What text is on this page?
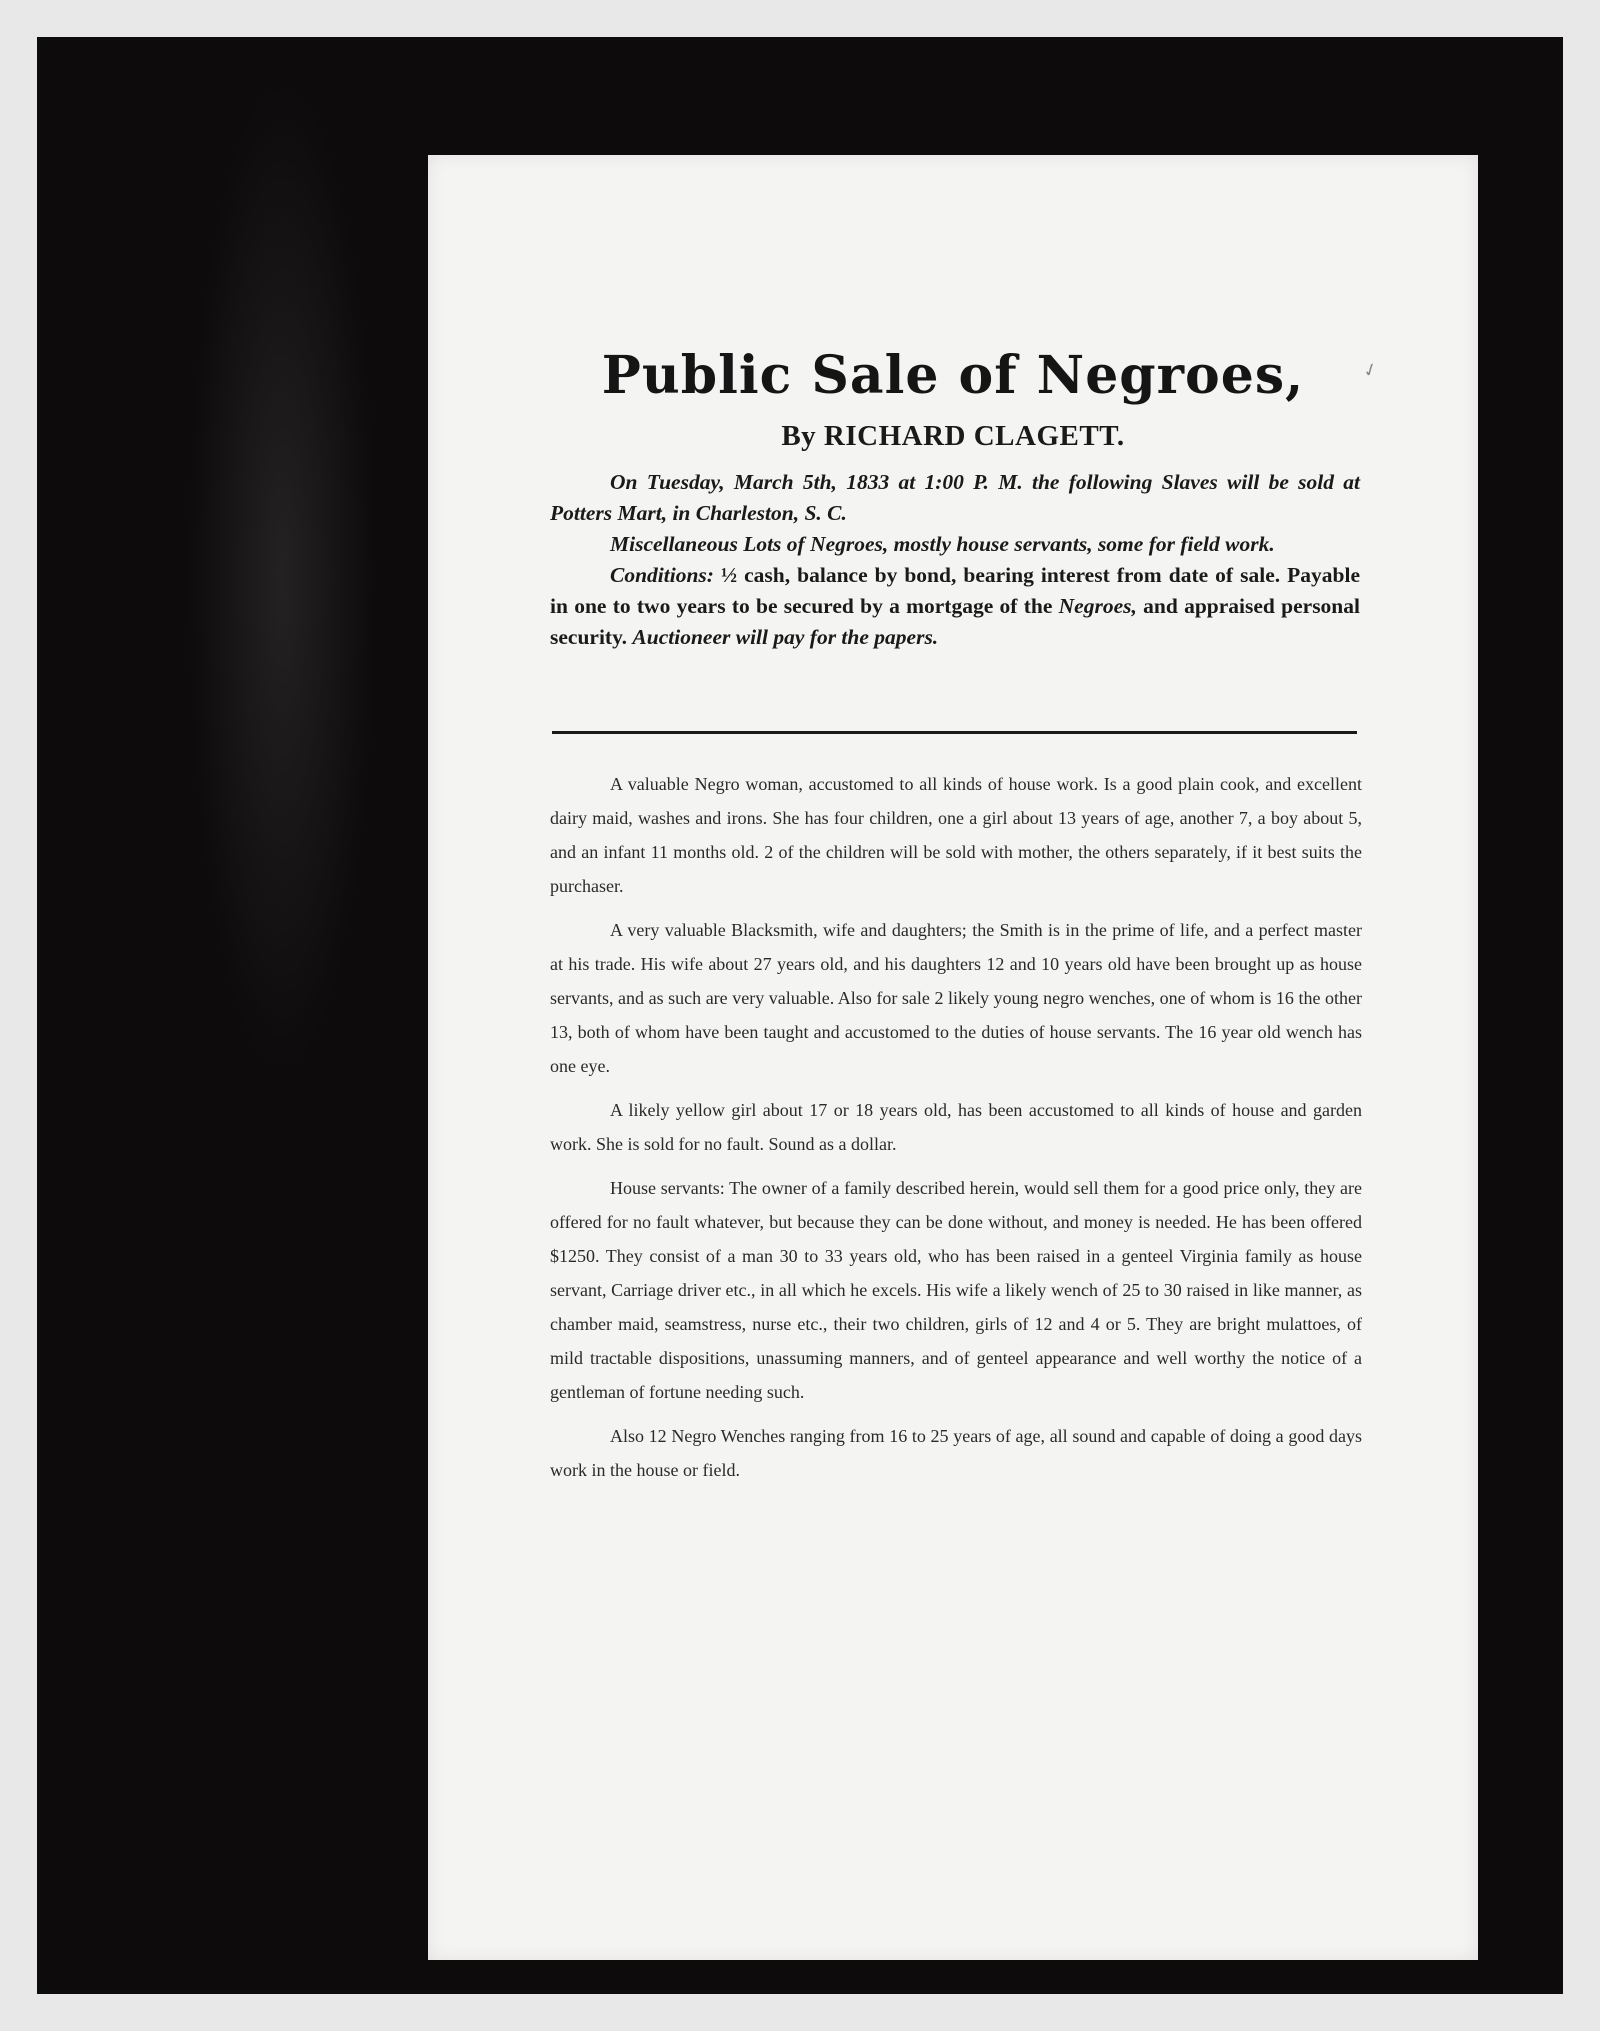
✓
Public Sale of Negroes,
By RICHARD CLAGETT.

On Tuesday, March 5th, 1833 at 1:00 P. M. the following Slaves will be sold at Potters Mart, in Charleston, S. C.

Miscellaneous Lots of Negroes, mostly house servants, some for field work.

Conditions: ½ cash, balance by bond, bearing interest from date of sale. Payable in one to two years to be secured by a mortgage of the Negroes, and appraised personal security. Auctioneer will pay for the papers.

A valuable Negro woman, accustomed to all kinds of house work. Is a good plain cook, and excellent dairy maid, washes and irons. She has four children, one a girl about 13 years of age, another 7, a boy about 5, and an infant 11 months old. 2 of the children will be sold with mother, the others separately, if it best suits the purchaser.

A very valuable Blacksmith, wife and daughters; the Smith is in the prime of life, and a perfect master at his trade. His wife about 27 years old, and his daughters 12 and 10 years old have been brought up as house servants, and as such are very valuable. Also for sale 2 likely young negro wenches, one of whom is 16 the other 13, both of whom have been taught and accustomed to the duties of house servants. The 16 year old wench has one eye.

A likely yellow girl about 17 or 18 years old, has been accustomed to all kinds of house and garden work. She is sold for no fault. Sound as a dollar.

House servants: The owner of a family described herein, would sell them for a good price only, they are offered for no fault whatever, but because they can be done without, and money is needed. He has been offered $1250. They consist of a man 30 to 33 years old, who has been raised in a genteel Virginia family as house servant, Carriage driver etc., in all which he excels. His wife a likely wench of 25 to 30 raised in like manner, as chamber maid, seamstress, nurse etc., their two children, girls of 12 and 4 or 5. They are bright mulattoes, of mild tractable dispositions, unassuming manners, and of genteel appearance and well worthy the notice of a gentleman of fortune needing such.

Also 12 Negro Wenches ranging from 16 to 25 years of age, all sound and capable of doing a good days work in the house or field.
